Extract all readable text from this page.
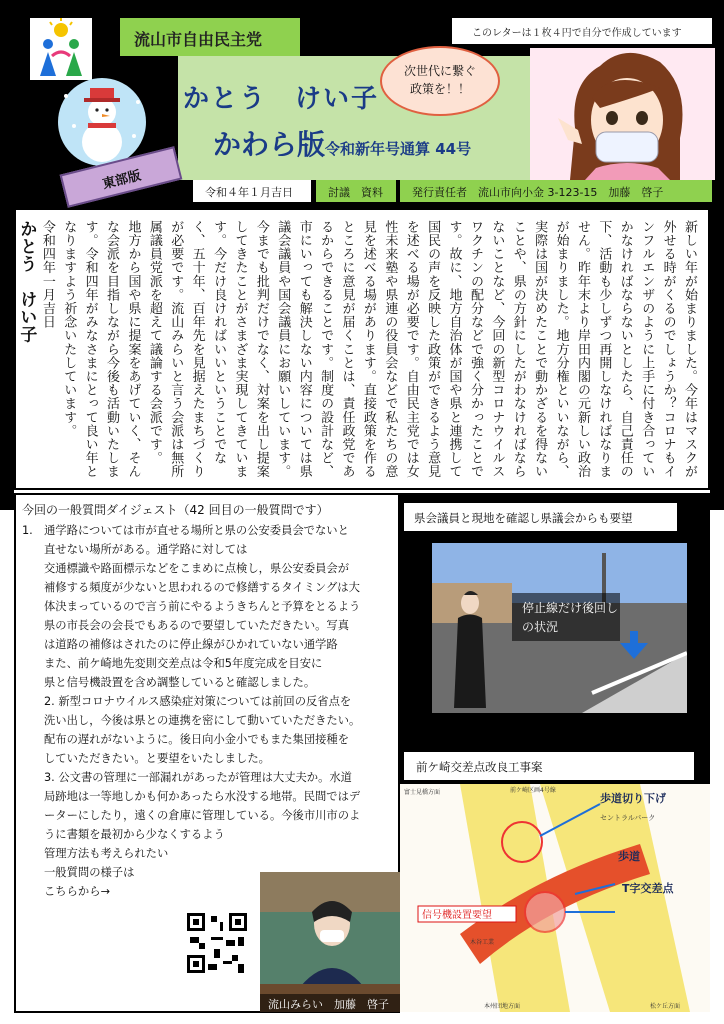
流山市自由民主党	このレターは１枚４円で自分で作成しています
かとう　けい子
かわら版令和新年号通算 44号
次世代に繋ぐ
政策を！！
東部版
令和４年１月吉日	討議　資料	発行責任者　流山市向小金 3-123-15　加藤　啓子

新しい年が始まりました。今年はマスクが外せる時がくるのでしょうか？コロナもインフルエンザのように上手に付き合っていかなければならないとしたら、自己責任の下、活動も少しずつ再開しなければなりません。昨年末より岸田内閣の元新しい政治が始まりました。地方分権といいながら、実際は国が決めたことで動かざるを得ないことや、県の方針にしたがわなければならないことなど、今回の新型コロナウイルスワクチンの配分などで強く分かったことです。故に、地方自治体が国や県と連携して国民の声を反映した政策ができるよう意見を述べる場が必要です。自由民主党では女性未来塾や県連の役員会などで私たちの意見を述べる場があります。直接政策を作るところに意見が届くことは、責任政党であるからできることです。制度の設計など、市にいっても解決しない内容については県議会議員や国会議員にお願いしています。今までも批判だけでなく、対案を出し提案してきたことがさまざま実現してきていま す。今だけ良ければいいということでなく、五十年、百年先を見据えたまちづくりが必要です。流山みらいと言う会派は無所属議員党派を超えて議論する会派です。

地方から国や県に提案をあげていく、そんな会派を目指しながら今後も活動いたします。令和四年がみなさまにとって良い年となりますよう祈念いたしています。

令和四年一月吉日

かとう　けい子

今回の一般質問ダイジェスト（42 回目の一般質問です）
1.　通学路については市が直せる場所と県の公安委員会でないと
直せない場所がある。通学路に対しては
交通標識や路面標示などをこまめに点検し，県公安委員会が
補修する頻度が少ないと思われるので修繕するタイミングは大
体決まっているので言う前にやるようきちんと予算をとるよう
県の市長会の会長でもあるので要望していただきたい。写真
は道路の補修はされたのに停止線がひかれていない通学路
また、前ケ崎地先変則交差点は令和5年度完成を目安に
県と信号機設置を含め調整していると確認しました。
2. 新型コロナウイルス感染症対策については前回の反省点を
洗い出し，今後は県との連携を密にして動いていただきたい。
配布の遅れがないように。後日向小金小でもまた集団接種を
していただきたい。と要望をいたしました。
3. 公文書の管理に一部漏れがあったが管理は大丈夫か。水道
局跡地は一等地しかも何かあったら水没する地帯。民間ではデ
ーターにしたり，遠くの倉庫に管理している。今後市川市のよ
うに書類を最初から少なくするよう
管理方法も考えられたい
一般質問の様子は
こちらから→
流山みらい　加藤　啓子
県会議員と現地を確認し県議会からも要望
停止線だけ後回し
の状況
前ケ崎交差点改良工事案
歩道切り下げ
歩道
T字交差点
信号機設置要望
セントラルパーク
富士見橋方面	前ケ崎区画4号線
松ケ丘方面
本州団地方面
木谷工業
